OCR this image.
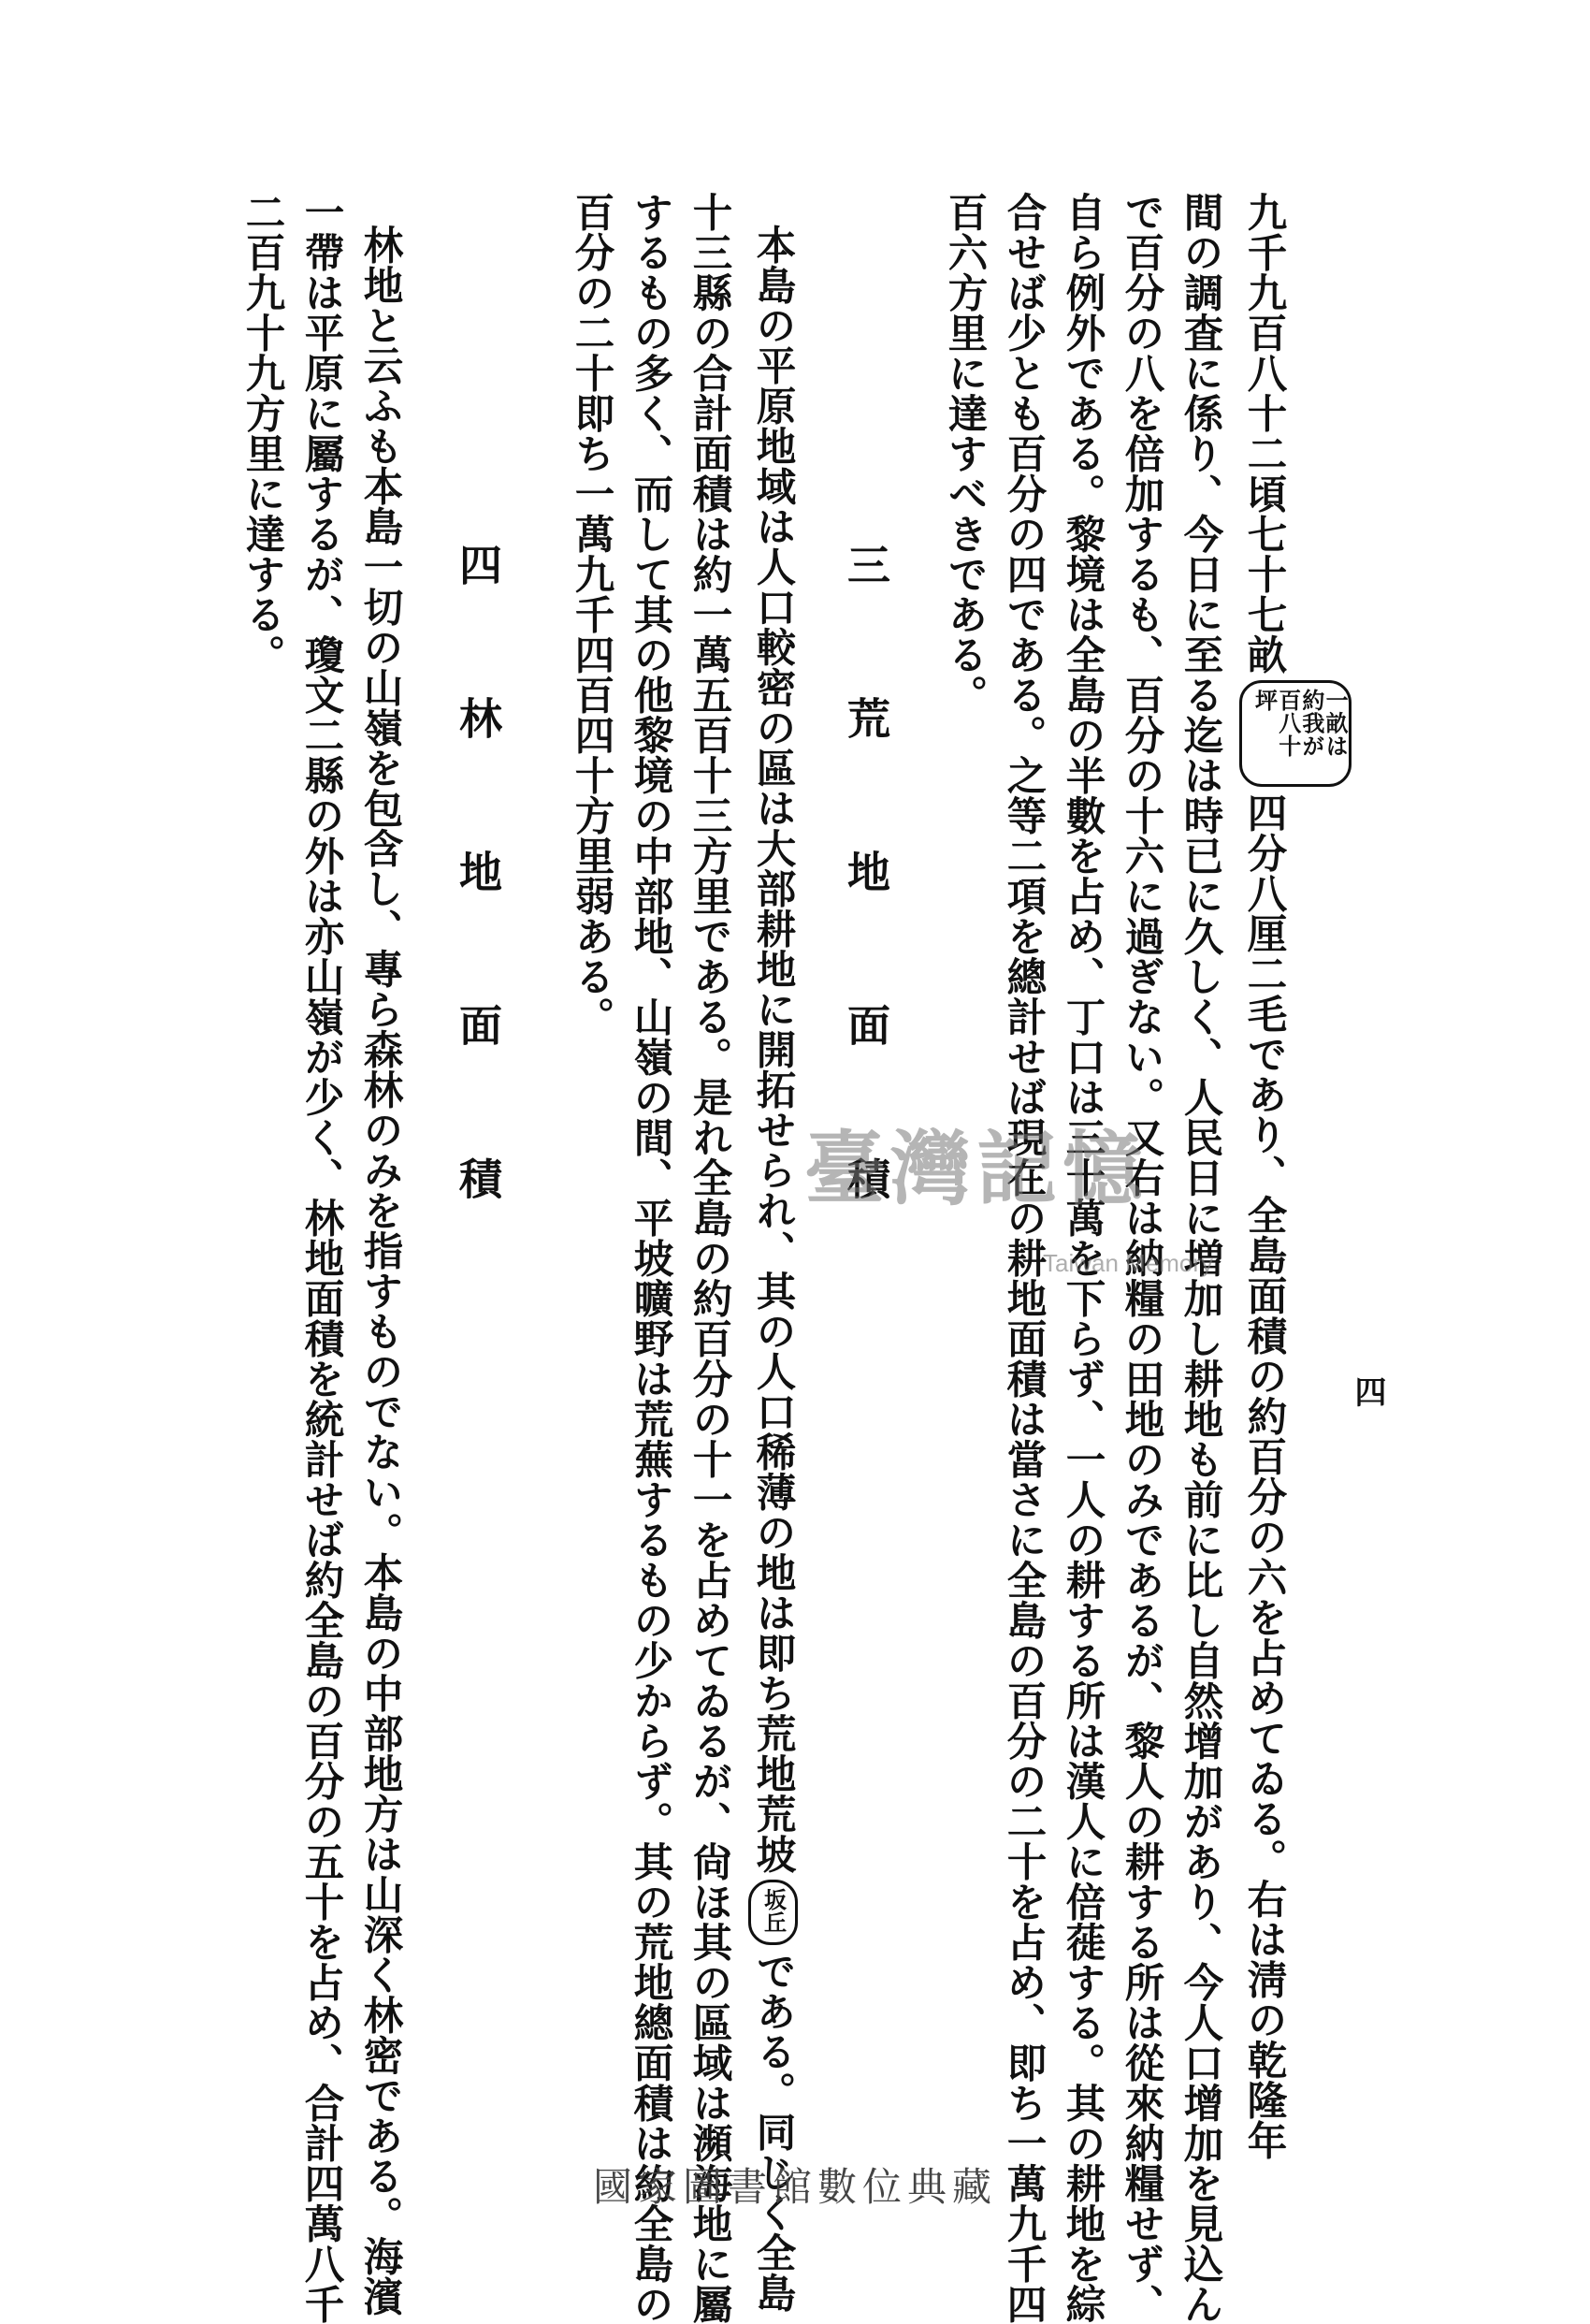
四
九千九百八十二頃七十七畝一畝は約我が百八十坪四分八厘二毛であり、全島面積の約百分の六を占めてゐる。右は淸の乾隆年
間の調査に係り、今日に至る迄は時已に久しく、人民日に増加し耕地も前に比し自然增加があり、今人口增加を見込ん
で百分の八を倍加するも、百分の十六に過ぎない。又右は納糧の田地のみであるが、黎人の耕する所は從來納糧せず、
自ら例外である。黎境は全島の半數を占め、丁口は三十萬を下らず、一人の耕する所は漢人に倍蓰する。其の耕地を綜
合せば少とも百分の四である。之等二項を總計せば現在の耕地面積は當さに全島の百分の二十を占め、即ち一萬九千四
百六方里に達すべきである。
三 荒 地 面 積
本島の平原地域は人口較密の區は大部耕地に開拓せられ、其の人口稀薄の地は即ち荒地荒坡坂丘である。同じく全島
十三縣の合計面積は約一萬五百十三方里である。是れ全島の約百分の十一を占めてゐるが、尙ほ其の區域は瀕海地に屬
するもの多く、而して其の他黎境の中部地、山嶺の間、平坡曠野は荒蕪するもの少からず。其の荒地總面積は約全島の
百分の二十即ち一萬九千四百四十方里弱ある。
四 林 地 面 積
林地と云ふも本島一切の山嶺を包含し、專ら森林のみを指すものでない。本島の中部地方は山深く林密である。海濱
一帶は平原に屬するが、瓊文二縣の外は亦山嶺が少く、林地面積を統計せば約全島の百分の五十を占め、合計四萬八千
二百九十九方里に達する。
臺灣記憶
Taiwan Memory
國家圖書館數位典藏
